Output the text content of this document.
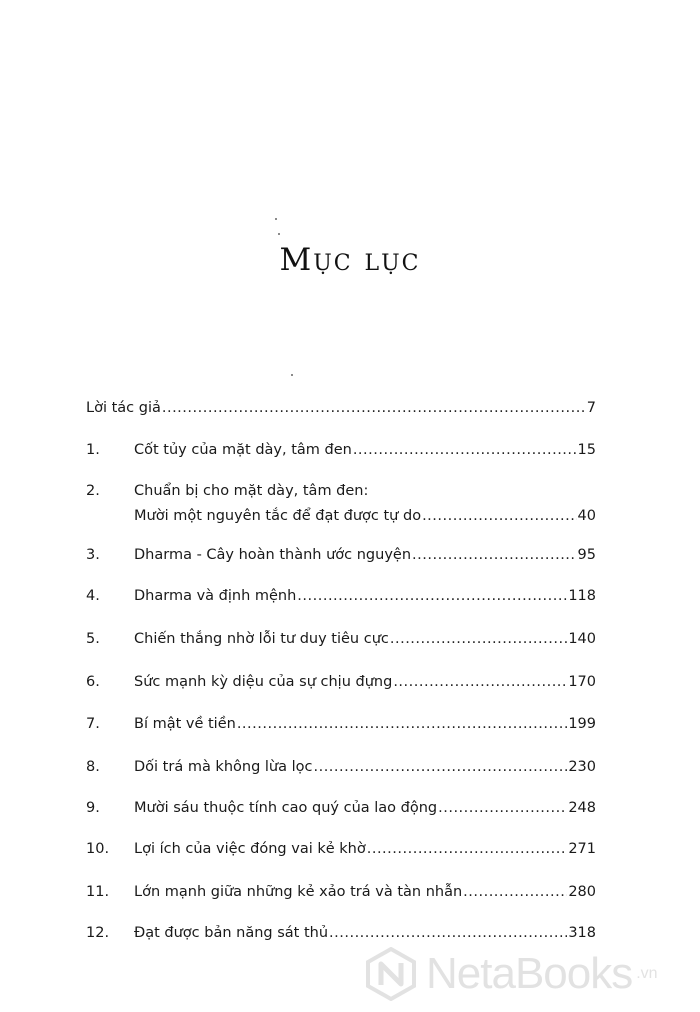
Mục lục
Lời tác giả .....	7
1. Cốt tủy của mặt dày, tâm đen .....	15
2. Chuẩn bị cho mặt dày, tâm đen:
Mười một nguyên tắc để đạt được tự do .....	40
3. Dharma - Cây hoàn thành ước nguyện .....	95
4. Dharma và định mệnh .....	118
5. Chiến thắng nhờ lỗi tư duy tiêu cực .....	140
6. Sức mạnh kỳ diệu của sự chịu đựng .....	170
7. Bí mật về tiền .....	199
8. Dối trá mà không lừa lọc .....	230
9. Mười sáu thuộc tính cao quý của lao động .....	248
10. Lợi ích của việc đóng vai kẻ khờ .....	271
11. Lớn mạnh giữa những kẻ xảo trá và tàn nhẫn .....	280
12. Đạt được bản năng sát thủ .....	318
NetaBooks .vn
